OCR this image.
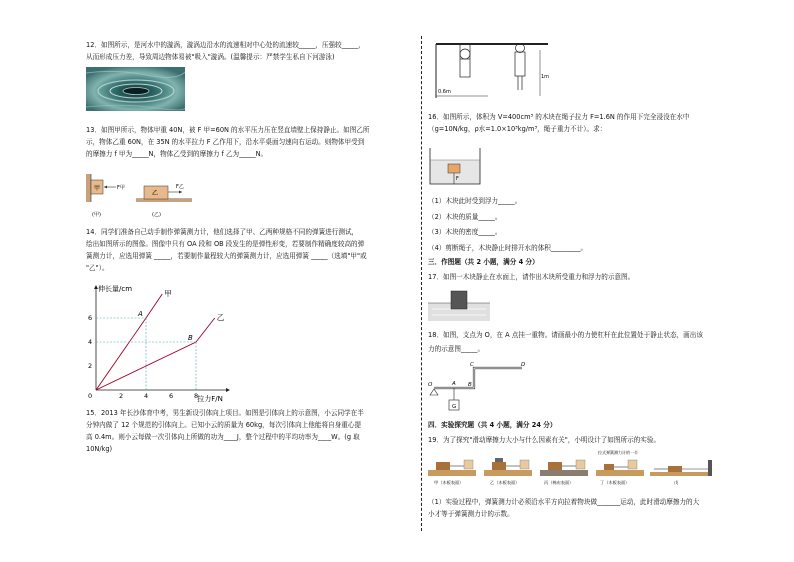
12．如图所示，是河水中的漩涡，漩涡边沿水的流速相对中心处的流速较_____，压强较_____，
从而形成压力差，导致周边物体易被"吸入"漩涡。(温馨提示：严禁学生私自下河游泳)
13．如图甲所示，物体甲重 40N，被 F 甲=60N 的水平压力压在竖直墙壁上保持静止。如图乙所
示，物体乙重 60N，在 35N 的水平拉力 F 乙作用下，沿水平桌面匀速向右运动。则物体甲受到
的摩擦力 f 甲为_____N，物体乙受到的摩擦力 f 乙为_____N。
甲	F甲
乙
F乙
(甲)	(乙)
14．同学们准备自己动手制作弹簧测力计，他们选择了甲、乙两种规格不同的弹簧进行测试，
绘出如图所示的图像。图像中只有 OA 段和 OB 段发生的是弹性形变，若要制作精确度较高的弹
簧测力计，应选用弹簧 _____，若要制作量程较大的弹簧测力计，应选用弹簧 _____（选填"甲"或
"乙"）。
伸长量/cm
拉力F/N
0	2	4	6	8
2
4
6
甲
A	乙
B
15．2013 年长沙体育中考，男生新设引体向上项目。如图是引体向上的示意图，小云同学在半
分钟内做了 12 个规范的引体向上。已知小云的质量为 60kg，每次引体向上他能将自身重心提
高 0.4m。则小云每做一次引体向上所做的功为____J，整个过程中的平均功率为____W。(g 取
10N/kg)
0.6m
1m
16．如图所示，体积为 V=400cm³ 的木块在绳子拉力 F=1.6N 的作用下完全浸没在水中
（g=10N/kg，ρ水=1.0×10³kg/m³，绳子重力不计）。求：
F
（1）木块此时受到浮力_____。
（2）木块的质量_____。
（3）木块的密度_____。
（4）剪断绳子，木块静止时排开水的体积_________。
三．作图题（共 2 小题，满分 4 分）
17．如图一木块静止在水面上，请作出木块所受重力和浮力的示意图。
18．如图，支点为 O，在 A 点挂一重物。请画最小的力使杠杆在此位置处于静止状态，画出该
力的示意图_____。
G
O	A B
C	D
四．实验探究题（共 4 小题，满分 24 分）
19．为了探究"滑动摩擦力大小与什么因素有关"，小明设计了如图所示的实验。
拉式弹簧测力计的一半
甲（木板表面）	乙（木板表面）	丙（棉布表面）	丁（木板表面）	戊
（1）实验过程中，弹簧测力计必须沿水平方向拉着物块做_______运动，此时滑动摩擦力的大
小才等于弹簧测力计的示数。
